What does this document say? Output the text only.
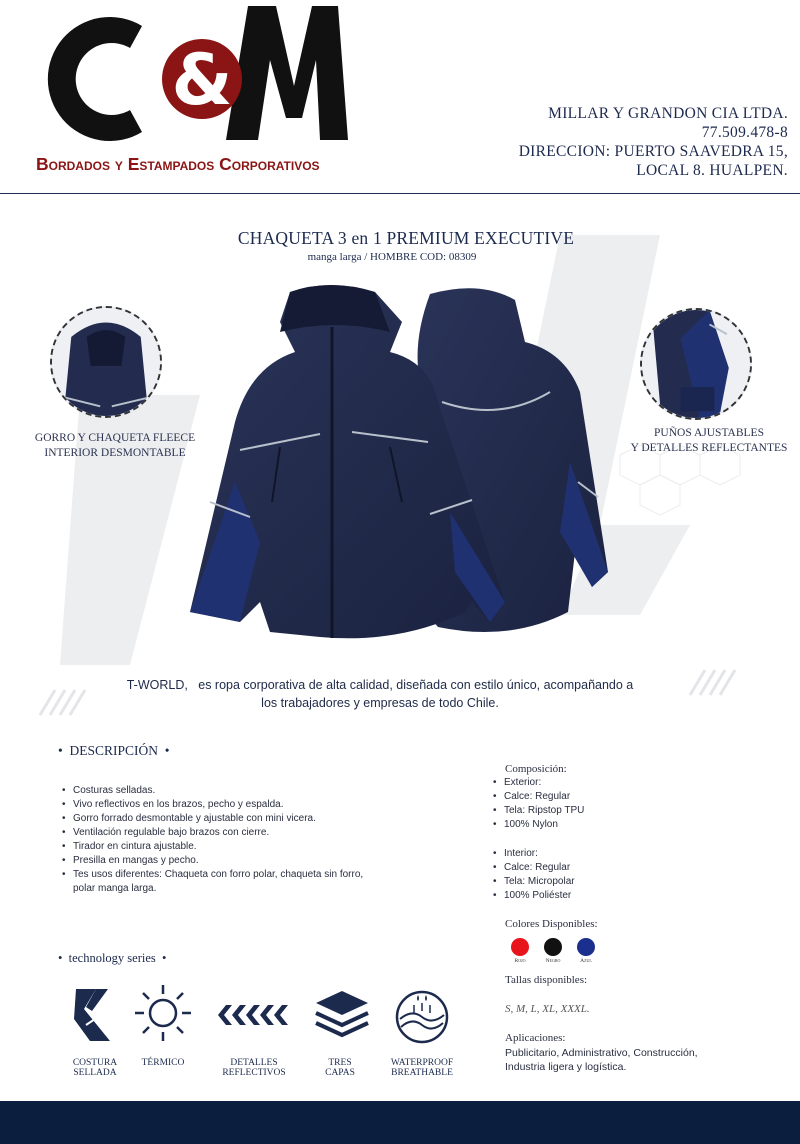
&
Bordados y Estampados Corporativos
MILLAR Y GRANDON CIA LTDA.
77.509.478-8
DIRECCION: PUERTO SAAVEDRA 15,
LOCAL 8. HUALPEN.
CHAQUETA 3 en 1 PREMIUM EXECUTIVE
manga larga / HOMBRE COD: 08309
GORRO Y CHAQUETA FLEECE
INTERIOR DESMONTABLE
PUÑOS AJUSTABLES
Y DETALLES REFLECTANTES
T-WORLD,   es ropa corporativa de alta calidad, diseñada con estilo único, acompañando a
los trabajadores y empresas de todo Chile.
•  DESCRIPCIÓN  •
• Costuras selladas.
• Vivo reflectivos en los brazos, pecho y espalda.
• Gorro forrado desmontable y ajustable con mini vicera.
• Ventilación regulable bajo brazos con cierre.
• Tirador en cintura ajustable.
• Presilla en mangas y pecho.
• Tes usos diferentes: Chaqueta con forro polar, chaqueta sin forro, polar manga larga.
Composición:
• Exterior:
• Calce: Regular
• Tela: Ripstop TPU
• 100% Nylon
• Interior:
• Calce: Regular
• Tela: Micropolar
• 100% Poliéster
Colores Disponibles:
Rojo	Negro	Azul
Tallas disponibles:
S, M, L, XL, XXXL.
Aplicaciones:
Publicitario, Administrativo, Construcción, Industria ligera y logística.
•  technology series  •
COSTURA
SELLADA
TÉRMICO	DETALLES
REFLECTIVOS
TRES
CAPAS
WATERPROOF
BREATHABLE
